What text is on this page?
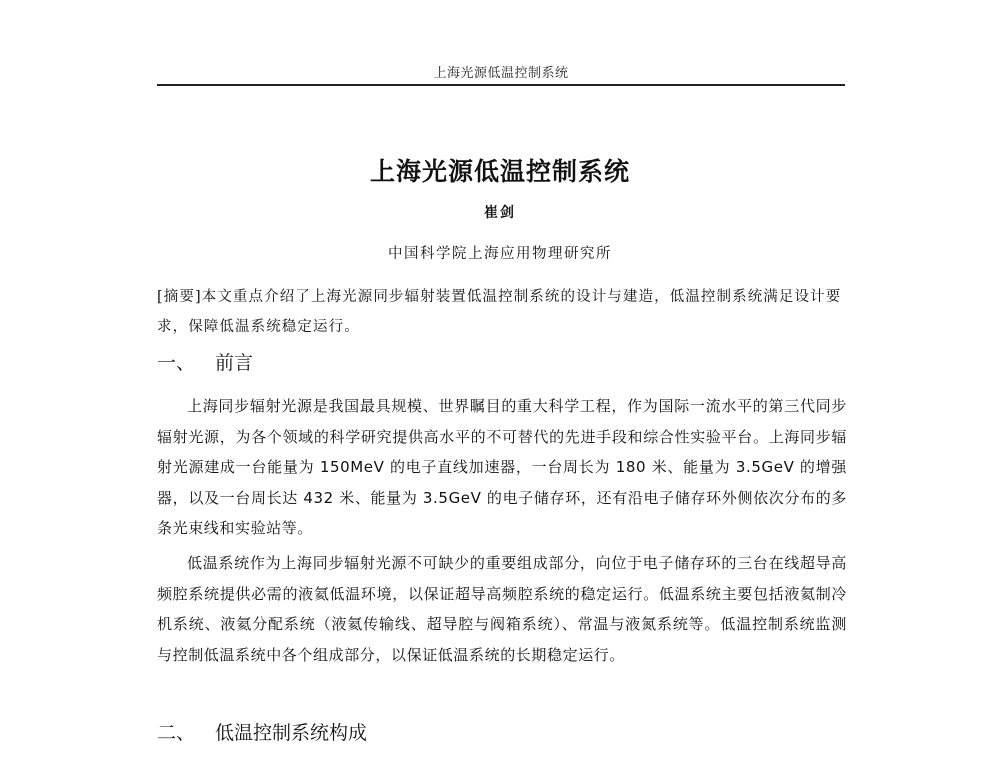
上海光源低温控制系统
上海光源低温控制系统
崔剑
中国科学院上海应用物理研究所
[摘要]本文重点介绍了上海光源同步辐射装置低温控制系统的设计与建造，低温控制系统满足设计要求，保障低温系统稳定运行。
一、 前言
上海同步辐射光源是我国最具规模、世界瞩目的重大科学工程，作为国际一流水平的第三代同步辐射光源，为各个领域的科学研究提供高水平的不可替代的先进手段和综合性实验平台。上海同步辐射光源建成一台能量为 150MeV 的电子直线加速器，一台周长为 180 米、能量为 3.5GeV 的增强器，以及一台周长达 432 米、能量为 3.5GeV 的电子储存环，还有沿电子储存环外侧依次分布的多条光束线和实验站等。
低温系统作为上海同步辐射光源不可缺少的重要组成部分，向位于电子储存环的三台在线超导高频腔系统提供必需的液氦低温环境，以保证超导高频腔系统的稳定运行。低温系统主要包括液氦制冷机系统、液氦分配系统（液氦传输线、超导腔与阀箱系统）、常温与液氮系统等。低温控制系统监测与控制低温系统中各个组成部分，以保证低温系统的长期稳定运行。
二、 低温控制系统构成
